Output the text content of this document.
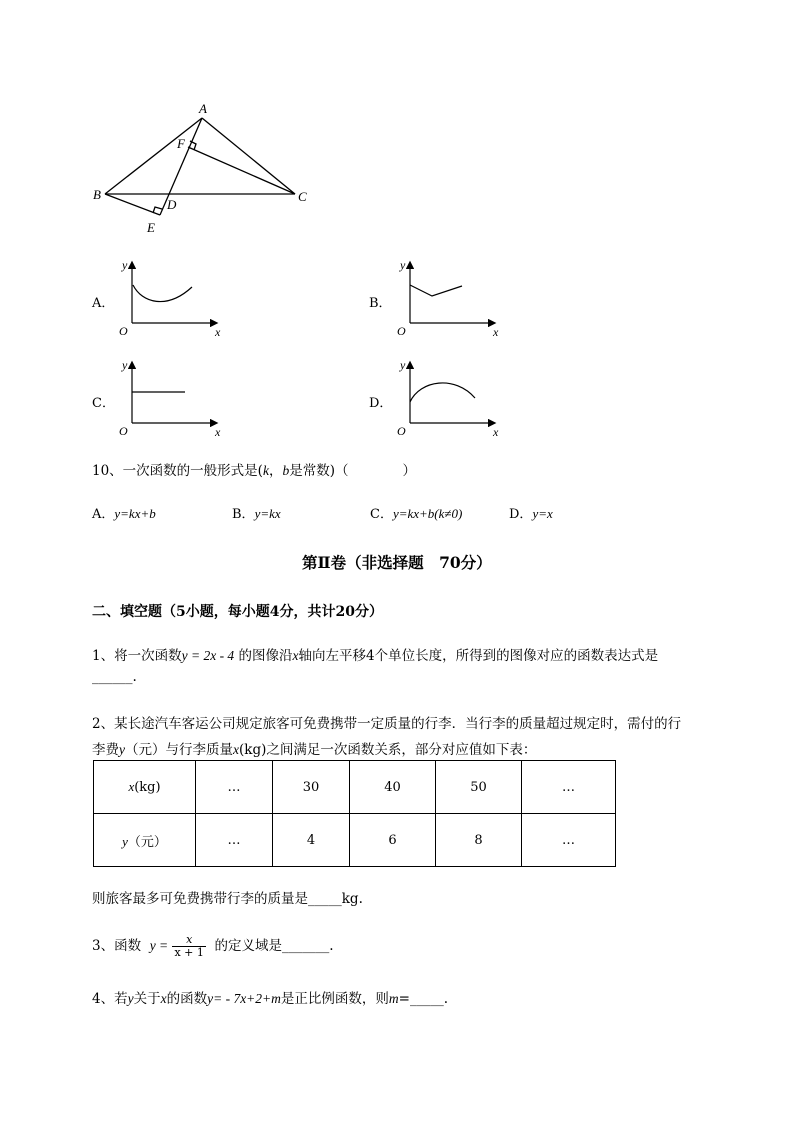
A
F
B
D
C
E
A．
y
O	x
B．
y
O	x
C．
y
O	x
D．
y
O	x
10、一次函数的一般形式是(k，b是常数)（　　　　）
A．y=kx+b	B．y=kx	C．y=kx+b(k≠0)	D．y=x
第Ⅱ卷（非选择题　70分）
二、填空题（5小题，每小题4分，共计20分）
1、将一次函数y = 2x - 4 的图像沿x轴向左平移4个单位长度，所得到的图像对应的函数表达式是
______.
2、某长途汽车客运公司规定旅客可免费携带一定质量的行李．当行李的质量超过规定时，需付的行
李费y（元）与行李质量x(kg)之间满足一次函数关系，部分对应值如下表：
x(kg)	…	30	40	50	…
y（元）	…	4	6	8	…
则旅客最多可免费携带行李的质量是_____kg.
3、函数 $y = \frac{x}{x + 1}$ 的定义域是_______.
4、若y关于x的函数y= - 7x+2+m是正比例函数，则m=_____.
